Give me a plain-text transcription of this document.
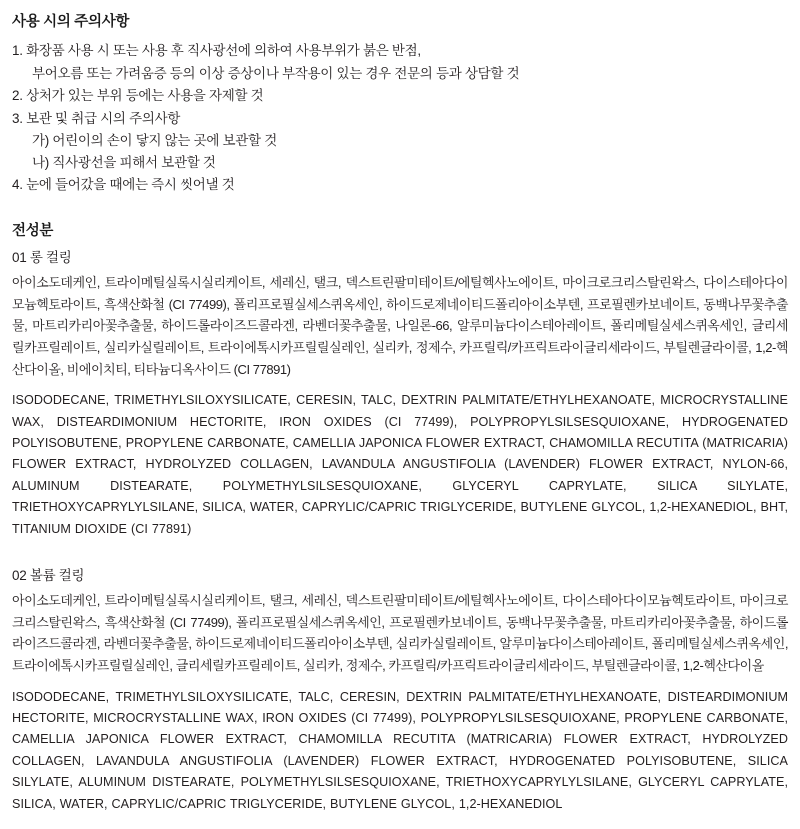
사용 시의 주의사항
1. 화장품 사용 시 또는 사용 후 직사광선에 의하여 사용부위가 붉은 반점,
부어오름 또는 가려움증 등의 이상 증상이나 부작용이 있는 경우 전문의 등과 상담할 것
2. 상처가 있는 부위 등에는 사용을 자제할 것
3. 보관 및 취급 시의 주의사항
가) 어린이의 손이 닿지 않는 곳에 보관할 것
나) 직사광선을 피해서 보관할 것
4. 눈에 들어갔을 때에는 즉시 씻어낼 것
전성분
01 롱 컬링

아이소도데케인, 트라이메틸실록시실리케이트, 세레신, 탤크, 덱스트린팔미테이트/에틸헥사노에이트, 마이크로크리스탈린왁스, 다이스테아다이모늄헥토라이트, 흑색산화철 (CI 77499), 폴리프로필실세스퀴옥세인, 하이드로제네이티드폴리아이소부텐, 프로필렌카보네이트, 동백나무꽃추출물, 마트리카리아꽃추출물, 하이드롤라이즈드콜라겐, 라벤더꽃추출물, 나일론-66, 알루미늄다이스테아레이트, 폴리메틸실세스퀴옥세인, 글리세릴카프릴레이트, 실리카실릴레이트, 트라이에톡시카프릴릴실레인, 실리카, 정제수, 카프릴릭/카프릭트라이글리세라이드, 부틸렌글라이콜, 1,2-헥산다이올, 비에이치티, 티타늄디옥사이드 (CI 77891)

ISODODECANE, TRIMETHYLSILOXYSILICATE, CERESIN, TALC, DEXTRIN PALMITATE/ETHYLHEXANOATE, MICROCRYSTALLINE WAX, DISTEARDIMONIUM HECTORITE, IRON OXIDES (CI 77499), POLYPROPYLSILSESQUIOXANE, HYDROGENATED POLYISOBUTENE, PROPYLENE CARBONATE, CAMELLIA JAPONICA FLOWER EXTRACT, CHAMOMILLA RECUTITA (MATRICARIA) FLOWER EXTRACT, HYDROLYZED COLLAGEN, LAVANDULA ANGUSTIFOLIA (LAVENDER) FLOWER EXTRACT, NYLON-66, ALUMINUM DISTEARATE, POLYMETHYLSILSESQUIOXANE, GLYCERYL CAPRYLATE, SILICA SILYLATE, TRIETHOXYCAPRYLYLSILANE, SILICA, WATER, CAPRYLIC/CAPRIC TRIGLYCERIDE, BUTYLENE GLYCOL, 1,2-HEXANEDIOL, BHT, TITANIUM DIOXIDE (CI 77891)

02 볼륨 컬링

아이소도데케인, 트라이메틸실록시실리케이트, 탤크, 세레신, 덱스트린팔미테이트/에틸헥사노에이트, 다이스테아다이모늄헥토라이트, 마이크로크리스탈린왁스, 흑색산화철 (CI 77499), 폴리프로필실세스퀴옥세인, 프로필렌카보네이트, 동백나무꽃추출물, 마트리카리아꽃추출물, 하이드롤라이즈드콜라겐, 라벤더꽃추출물, 하이드로제네이티드폴리아이소부텐, 실리카실릴레이트, 알루미늄다이스테아레이트, 폴리메틸실세스퀴옥세인, 트라이에톡시카프릴릴실레인, 글리세릴카프릴레이트, 실리카, 정제수, 카프릴릭/카프릭트라이글리세라이드, 부틸렌글라이콜, 1,2-헥산다이올

ISODODECANE, TRIMETHYLSILOXYSILICATE, TALC, CERESIN, DEXTRIN PALMITATE/ETHYLHEXANOATE, DISTEARDIMONIUM HECTORITE, MICROCRYSTALLINE WAX, IRON OXIDES (CI 77499), POLYPROPYLSILSESQUIOXANE, PROPYLENE CARBONATE, CAMELLIA JAPONICA FLOWER EXTRACT, CHAMOMILLA RECUTITA (MATRICARIA) FLOWER EXTRACT, HYDROLYZED COLLAGEN, LAVANDULA ANGUSTIFOLIA (LAVENDER) FLOWER EXTRACT, HYDROGENATED POLYISOBUTENE, SILICA SILYLATE, ALUMINUM DISTEARATE, POLYMETHYLSILSESQUIOXANE, TRIETHOXYCAPRYLYLSILANE, GLYCERYL CAPRYLATE, SILICA, WATER, CAPRYLIC/CAPRIC TRIGLYCERIDE, BUTYLENE GLYCOL, 1,2-HEXANEDIOL
